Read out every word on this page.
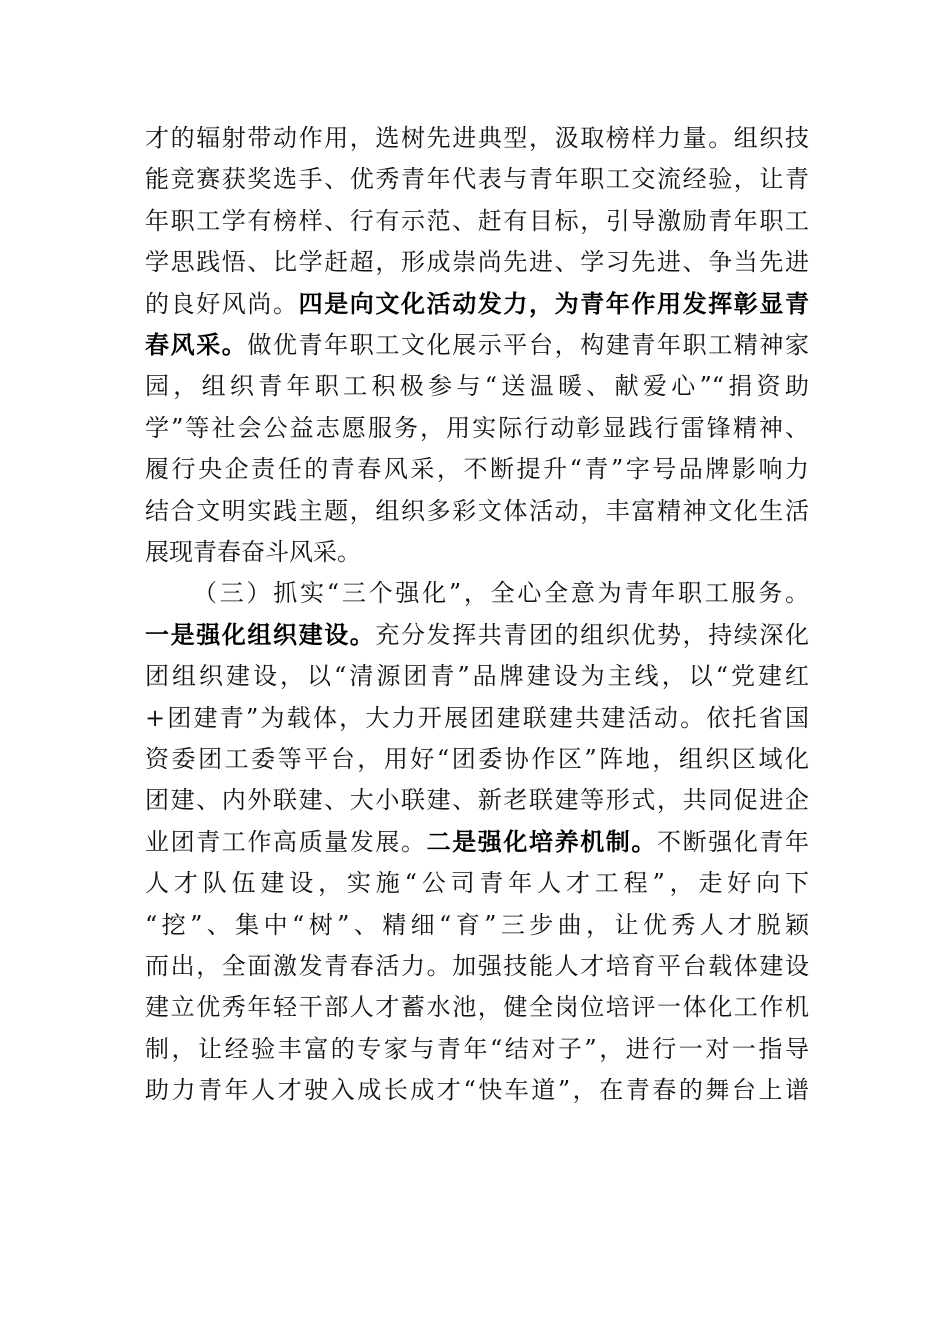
才的辐射带动作用，选树先进典型，汲取榜样力量。组织技
能竞赛获奖选手、优秀青年代表与青年职工交流经验，让青
年职工学有榜样、行有示范、赶有目标，引导激励青年职工
学思践悟、比学赶超，形成崇尚先进、学习先进、争当先进
的良好风尚。四是向文化活动发力，为青年作用发挥彰显青
春风采。做优青年职工文化展示平台，构建青年职工精神家
园，组织青年职工积极参与“送温暖、献爱心”“捐资助
学”等社会公益志愿服务，用实际行动彰显践行雷锋精神、
履行央企责任的青春风采，不断提升“青”字号品牌影响力
结合文明实践主题，组织多彩文体活动，丰富精神文化生活
展现青春奋斗风采。
（三）抓实“三个强化”，全心全意为青年职工服务。
一是强化组织建设。充分发挥共青团的组织优势，持续深化
团组织建设，以“清源团青”品牌建设为主线，以“党建红
+团建青”为载体，大力开展团建联建共建活动。依托省国
资委团工委等平台，用好“团委协作区”阵地，组织区域化
团建、内外联建、大小联建、新老联建等形式，共同促进企
业团青工作高质量发展。二是强化培养机制。不断强化青年
人才队伍建设，实施“公司青年人才工程”，走好向下
“挖”、集中“树”、精细“育”三步曲，让优秀人才脱颖
而出，全面激发青春活力。加强技能人才培育平台载体建设
建立优秀年轻干部人才蓄水池，健全岗位培评一体化工作机
制，让经验丰富的专家与青年“结对子”，进行一对一指导
助力青年人才驶入成长成才“快车道”，在青春的舞台上谱
